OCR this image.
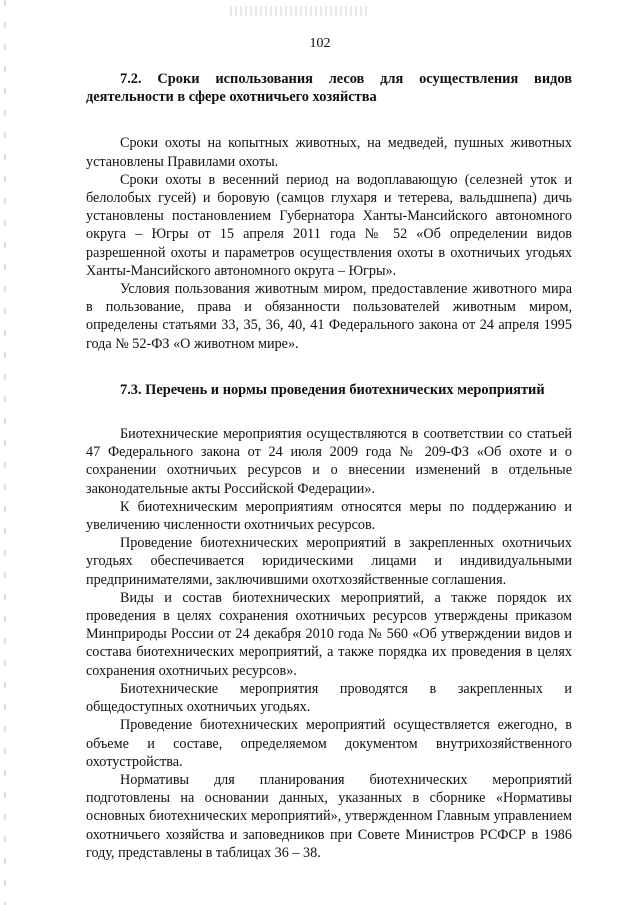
102
7.2. Сроки использования лесов для осуществления видов деятельности в сфере охотничьего хозяйства

Сроки охоты на копытных животных, на медведей, пушных животных установлены Правилами охоты.

Сроки охоты в весенний период на водоплавающую (селезней уток и белолобых гусей) и боровую (самцов глухаря и тетерева, вальдшнепа) дичь установлены постановлением Губернатора Ханты-Мансийского автономного округа – Югры от 15 апреля 2011 года № 52 «Об определении видов разрешенной охоты и параметров осуществления охоты в охотничьих угодьях Ханты-Мансийского автономного округа – Югры».

Условия пользования животным миром, предоставление животного мира в пользование, права и обязанности пользователей животным миром, определены статьями 33, 35, 36, 40, 41 Федерального закона от 24 апреля 1995 года № 52-ФЗ «О животном мире».

7.3. Перечень и нормы проведения биотехнических мероприятий

Биотехнические мероприятия осуществляются в соответствии со статьей 47 Федерального закона от 24 июля 2009 года № 209-ФЗ «Об охоте и о сохранении охотничьих ресурсов и о внесении изменений в отдельные законодательные акты Российской Федерации».

К биотехническим мероприятиям относятся меры по поддержанию и увеличению численности охотничьих ресурсов.

Проведение биотехнических мероприятий в закрепленных охотничьих угодьях обеспечивается юридическими лицами и индивидуальными предпринимателями, заключившими охотхозяйственные соглашения.

Виды и состав биотехнических мероприятий, а также порядок их проведения в целях сохранения охотничьих ресурсов утверждены приказом Минприроды России от 24 декабря 2010 года № 560 «Об утверждении видов и состава биотехнических мероприятий, а также порядка их проведения в целях сохранения охотничьих ресурсов».

Биотехнические мероприятия проводятся в закрепленных и общедоступных охотничьих угодьях.

Проведение биотехнических мероприятий осуществляется ежегодно, в объеме и составе, определяемом документом внутрихозяйственного охотустройства.

Нормативы для планирования биотехнических мероприятий подготовлены на основании данных, указанных в сборнике «Нормативы основных биотехнических мероприятий», утвержденном Главным управлением охотничьего хозяйства и заповедников при Совете Министров РСФСР в 1986 году, представлены в таблицах 36 – 38.
